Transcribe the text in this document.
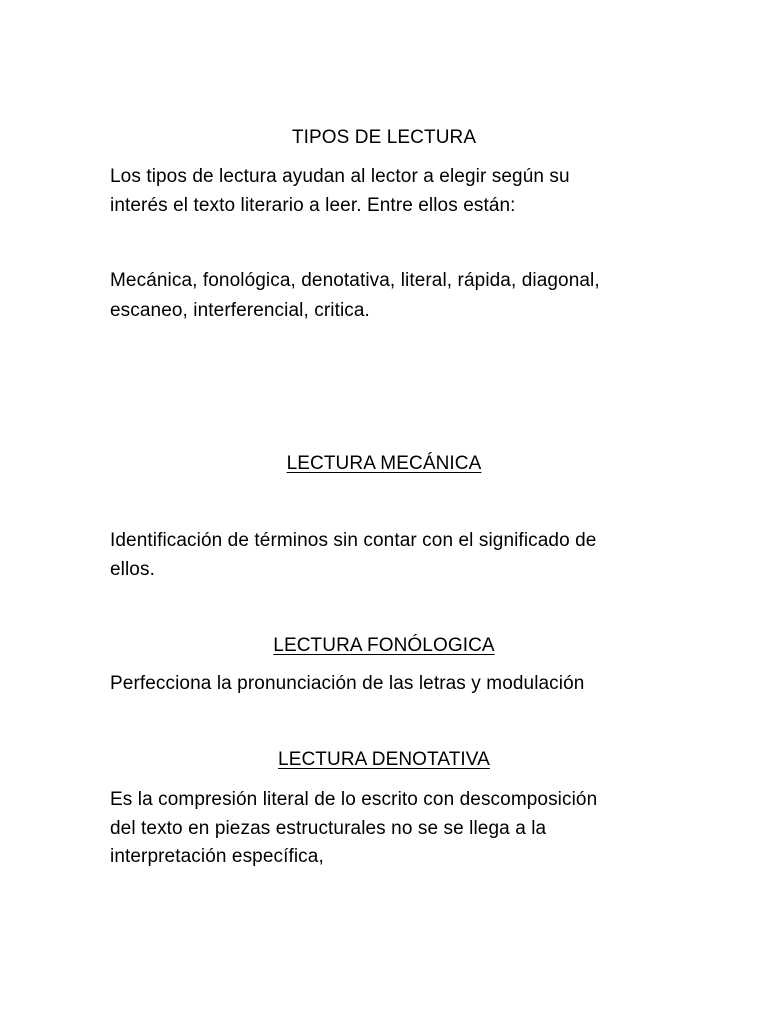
TIPOS DE LECTURA
Los tipos de lectura ayudan al lector a elegir según su
interés el texto literario a leer. Entre ellos están:
Mecánica, fonológica, denotativa, literal, rápida, diagonal,
escaneo, interferencial, critica.
LECTURA MECÁNICA
Identificación de términos sin contar con el significado de
ellos.
LECTURA FONÓLOGICA
Perfecciona la pronunciación de las letras y modulación
LECTURA DENOTATIVA
Es la compresión literal de lo escrito con descomposición
del texto en piezas estructurales no se se llega a la
interpretación específica,
